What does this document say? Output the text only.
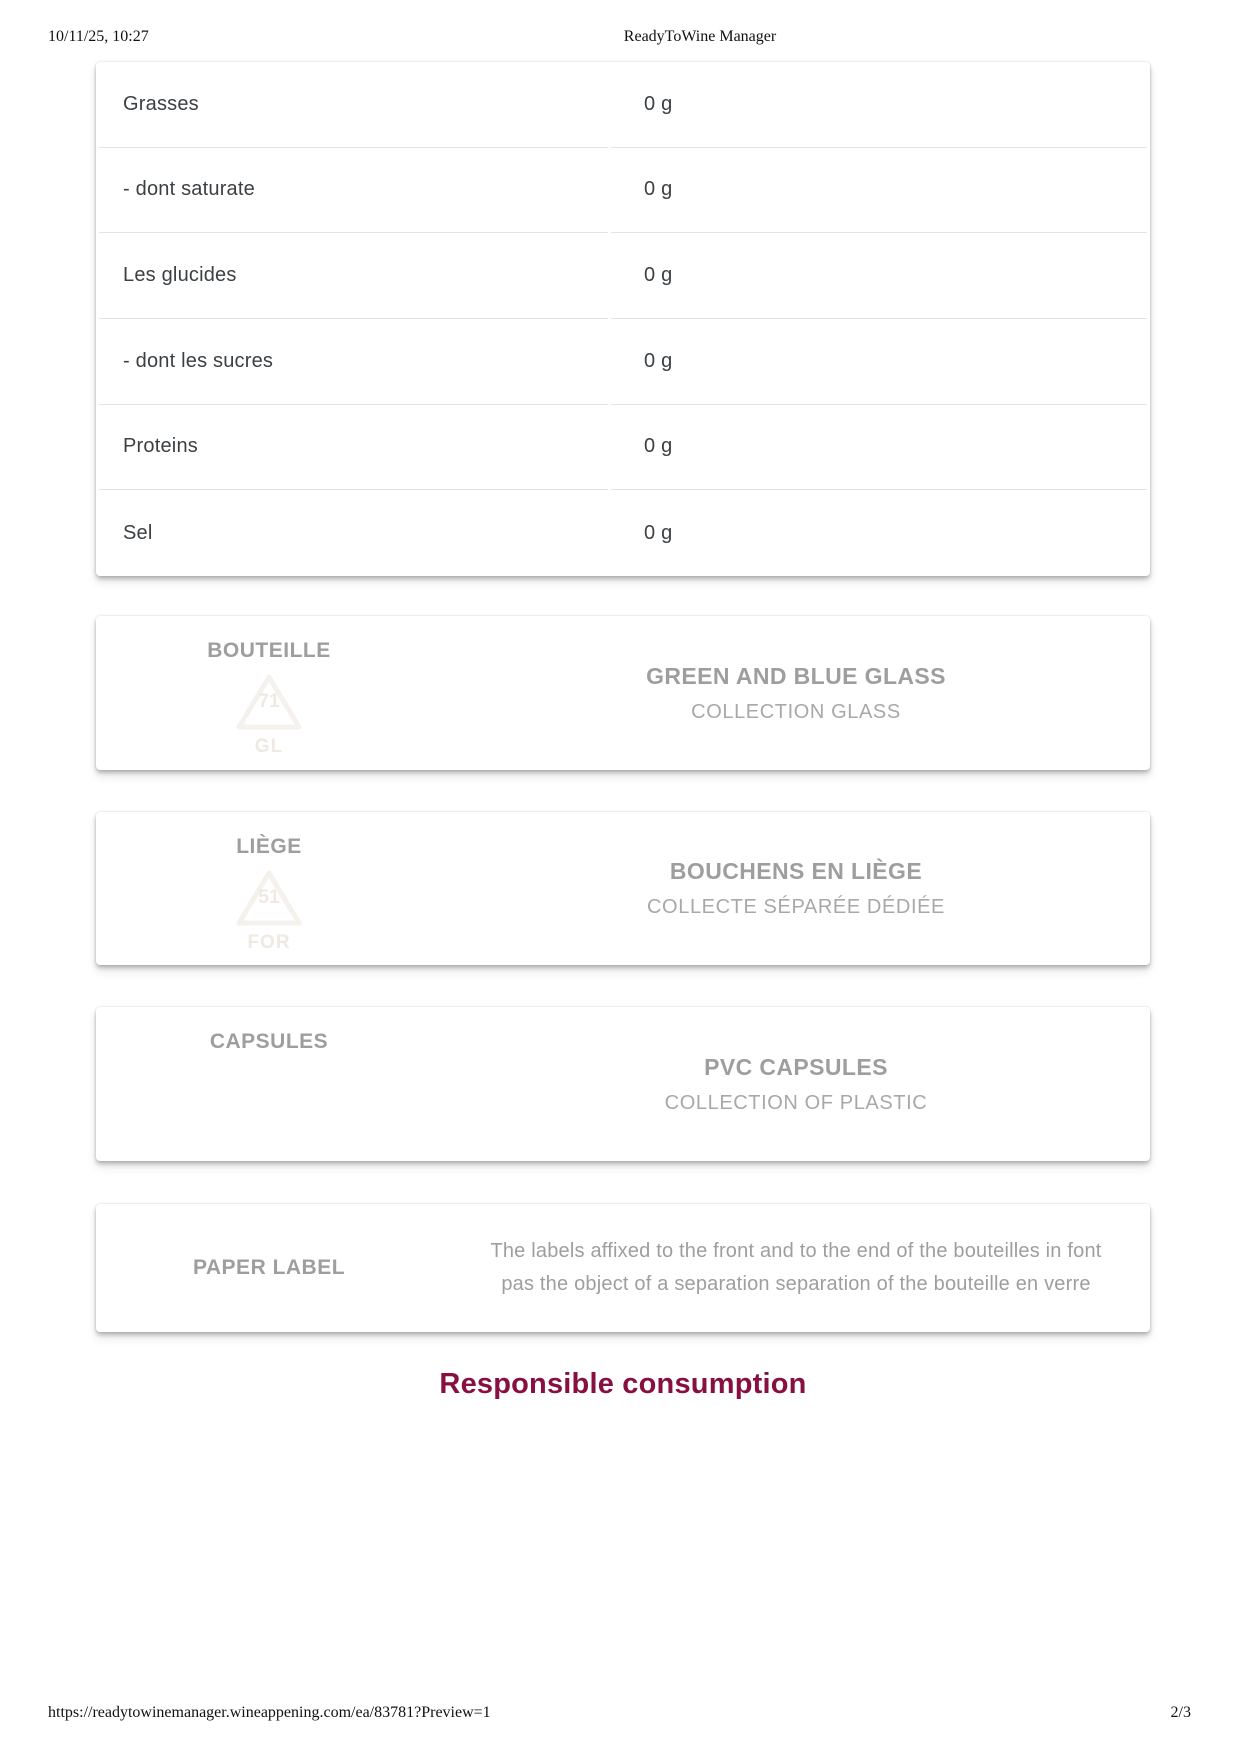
10/11/25, 10:27	ReadyToWine Manager
Grasses	0 g
- dont saturate	0 g
Les glucides	0 g
- dont les sucres	0 g
Proteins	0 g
Sel	0 g
BOUTEILLE
71
GL
GREEN AND BLUE GLASS
COLLECTION GLASS
LIÈGE
51
FOR
BOUCHENS EN LIÈGE
COLLECTE SÉPARÉE DÉDIÉE
CAPSULES
PVC CAPSULES
COLLECTION OF PLASTIC
PAPER LABEL
The labels affixed to the front and to the end of the bouteilles in font pas the object of a separation separation of the bouteille en verre
Responsible consumption
https://readytowinemanager.wineappening.com/ea/83781?Preview=1	2/3
